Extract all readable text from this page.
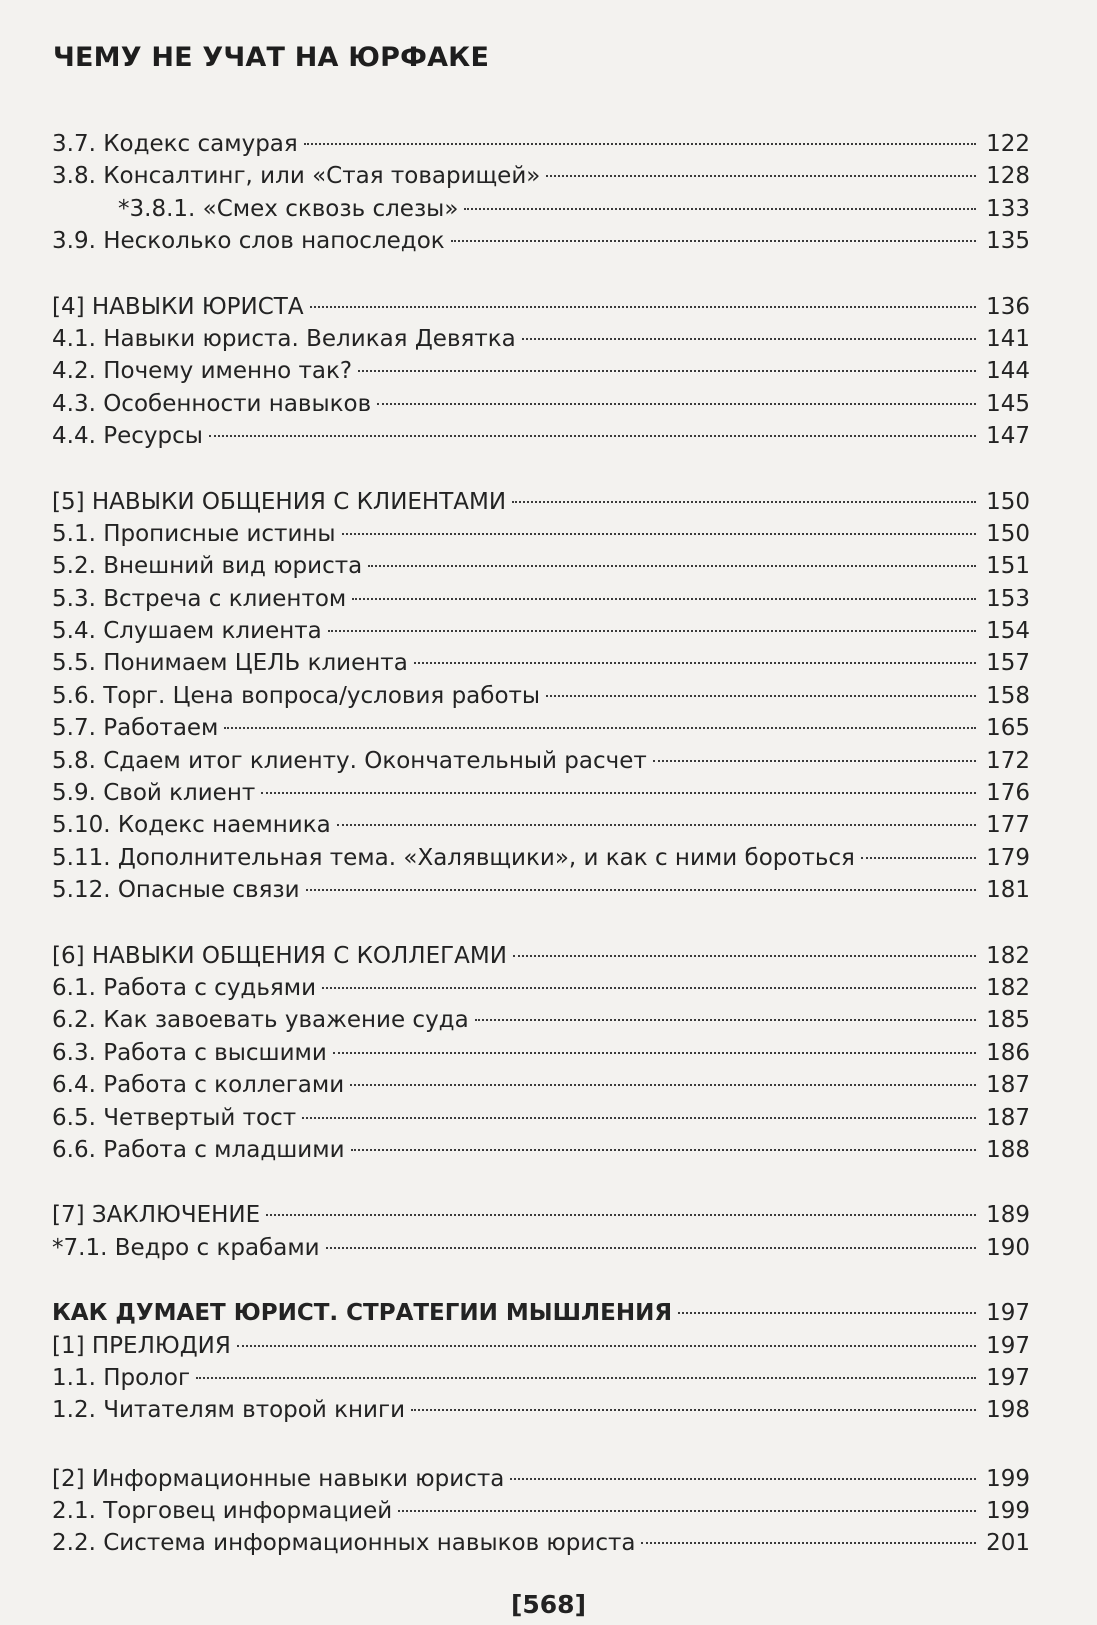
ЧЕМУ НЕ УЧАТ НА ЮРФАКЕ
3.7. Кодекс самурая	122
3.8. Консалтинг, или «Стая товарищей»	128
*3.8.1. «Смех сквозь слезы»	133
3.9. Несколько слов напоследок	135
[4] НАВЫКИ ЮРИСТА	136
4.1. Навыки юриста. Великая Девятка	141
4.2. Почему именно так?	144
4.3. Особенности навыков	145
4.4. Ресурсы	147
[5] НАВЫКИ ОБЩЕНИЯ С КЛИЕНТАМИ	150
5.1. Прописные истины	150
5.2. Внешний вид юриста	151
5.3. Встреча с клиентом	153
5.4. Слушаем клиента	154
5.5. Понимаем ЦЕЛЬ клиента	157
5.6. Торг. Цена вопроса/условия работы	158
5.7. Работаем	165
5.8. Сдаем итог клиенту. Окончательный расчет	172
5.9. Свой клиент	176
5.10. Кодекс наемника	177
5.11. Дополнительная тема. «Халявщики», и как с ними бороться	179
5.12. Опасные связи	181
[6] НАВЫКИ ОБЩЕНИЯ С КОЛЛЕГАМИ	182
6.1. Работа с судьями	182
6.2. Как завоевать уважение суда	185
6.3. Работа с высшими	186
6.4. Работа с коллегами	187
6.5. Четвертый тост	187
6.6. Работа с младшими	188
[7] ЗАКЛЮЧЕНИЕ	189
*7.1. Ведро с крабами	190
КАК ДУМАЕТ ЮРИСТ. СТРАТЕГИИ МЫШЛЕНИЯ	197
[1] ПРЕЛЮДИЯ	197
1.1. Пролог	197
1.2. Читателям второй книги	198
[2] Информационные навыки юриста	199
2.1. Торговец информацией	199
2.2. Система информационных навыков юриста	201
[568]
